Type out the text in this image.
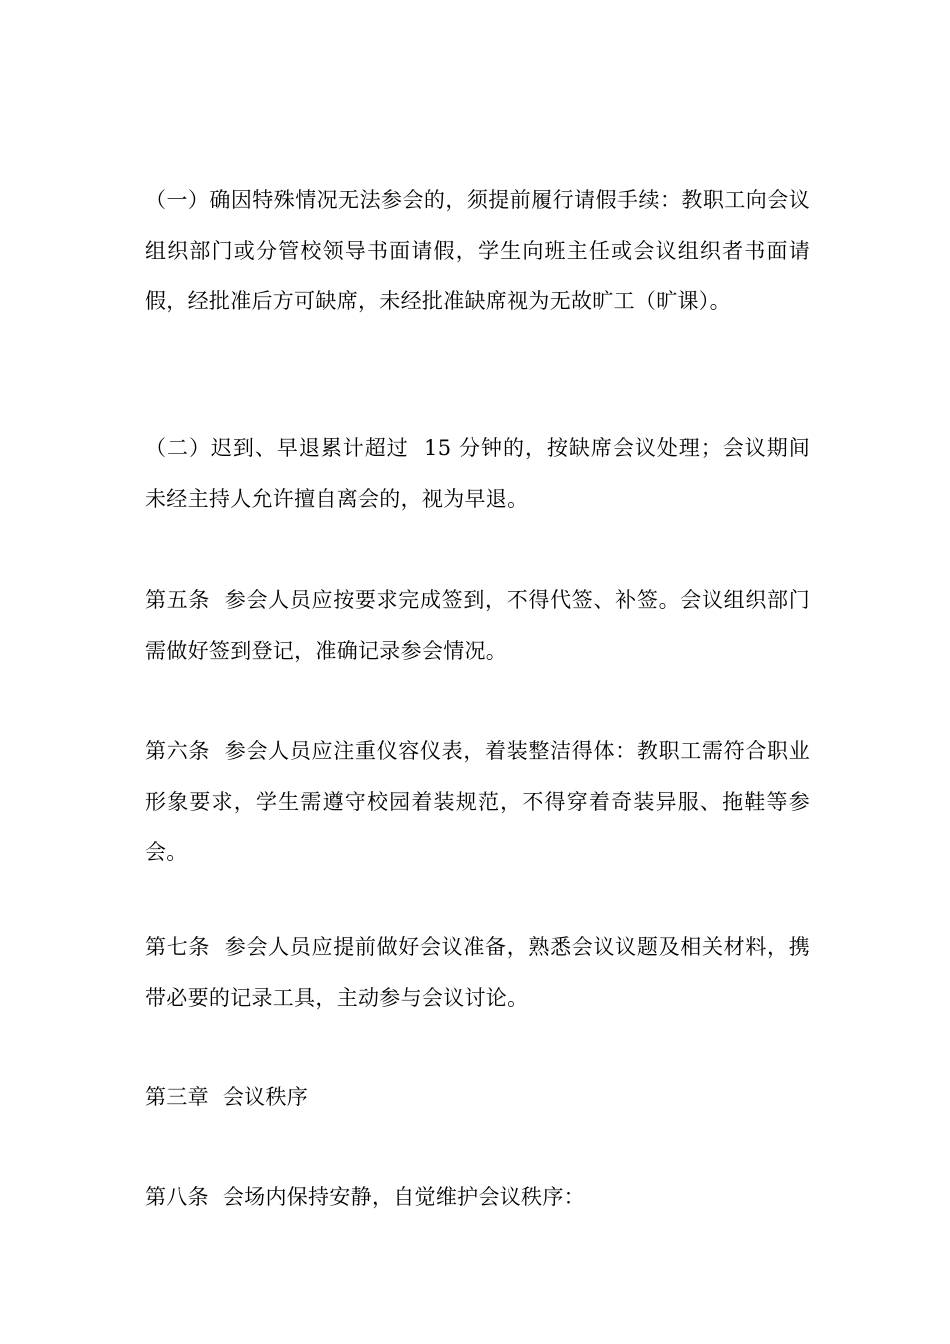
（一）确因特殊情况无法参会的，须提前履行请假手续：教职工向会议组织部门或分管校领导书面请假，学生向班主任或会议组织者书面请假，经批准后方可缺席，未经批准缺席视为无故旷工（旷课）。

（二）迟到、早退累计超过  15 分钟的，按缺席会议处理；会议期间未经主持人允许擅自离会的，视为早退。

第五条  参会人员应按要求完成签到，不得代签、补签。会议组织部门需做好签到登记，准确记录参会情况。

第六条  参会人员应注重仪容仪表，着装整洁得体：教职工需符合职业形象要求，学生需遵守校园着装规范，不得穿着奇装异服、拖鞋等参会。

第七条  参会人员应提前做好会议准备，熟悉会议议题及相关材料，携带必要的记录工具，主动参与会议讨论。

第三章  会议秩序

第八条  会场内保持安静，自觉维护会议秩序：
